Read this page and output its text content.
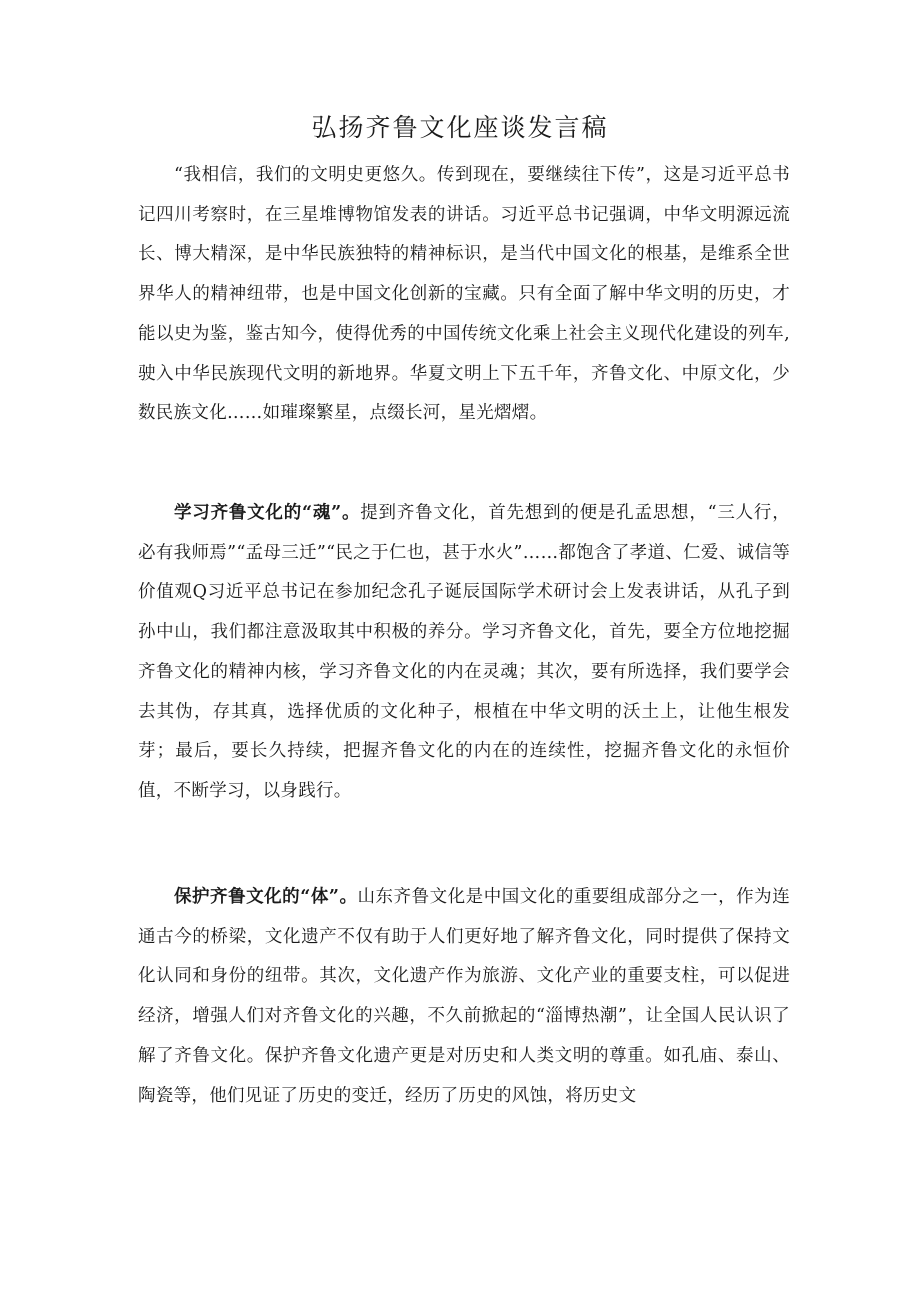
弘扬齐鲁文化座谈发言稿

“我相信，我们的文明史更悠久。传到现在，要继续往下传”，这是习近平总书记四川考察时，在三星堆博物馆发表的讲话。习近平总书记强调，中华文明源远流长、博大精深，是中华民族独特的精神标识，是当代中国文化的根基，是维系全世界华人的精神纽带，也是中国文化创新的宝藏。只有全面了解中华文明的历史，才能以史为鉴，鉴古知今，使得优秀的中国传统文化乘上社会主义现代化建设的列车,驶入中华民族现代文明的新地界。华夏文明上下五千年，齐鲁文化、中原文化，少数民族文化……如璀璨繁星，点缀长河，星光熠熠。

学习齐鲁文化的“魂”。提到齐鲁文化，首先想到的便是孔孟思想，“三人行，必有我师焉”“孟母三迁”“民之于仁也，甚于水火”……都饱含了孝道、仁爱、诚信等价值观Q习近平总书记在参加纪念孔子诞辰国际学术研讨会上发表讲话，从孔子到孙中山，我们都注意汲取其中积极的养分。学习齐鲁文化，首先，要全方位地挖掘齐鲁文化的精神内核，学习齐鲁文化的内在灵魂；其次，要有所选择，我们要学会去其伪，存其真，选择优质的文化种子，根植在中华文明的沃土上，让他生根发芽；最后，要长久持续，把握齐鲁文化的内在的连续性，挖掘齐鲁文化的永恒价值，不断学习，以身践行。

保护齐鲁文化的“体”。山东齐鲁文化是中国文化的重要组成部分之一，作为连通古今的桥梁，文化遗产不仅有助于人们更好地了解齐鲁文化，同时提供了保持文化认同和身份的纽带。其次，文化遗产作为旅游、文化产业的重要支柱，可以促进经济，增强人们对齐鲁文化的兴趣，不久前掀起的“淄博热潮”，让全国人民认识了解了齐鲁文化。保护齐鲁文化遗产更是对历史和人类文明的尊重。如孔庙、泰山、陶瓷等，他们见证了历史的变迁，经历了历史的风蚀，将历史文
